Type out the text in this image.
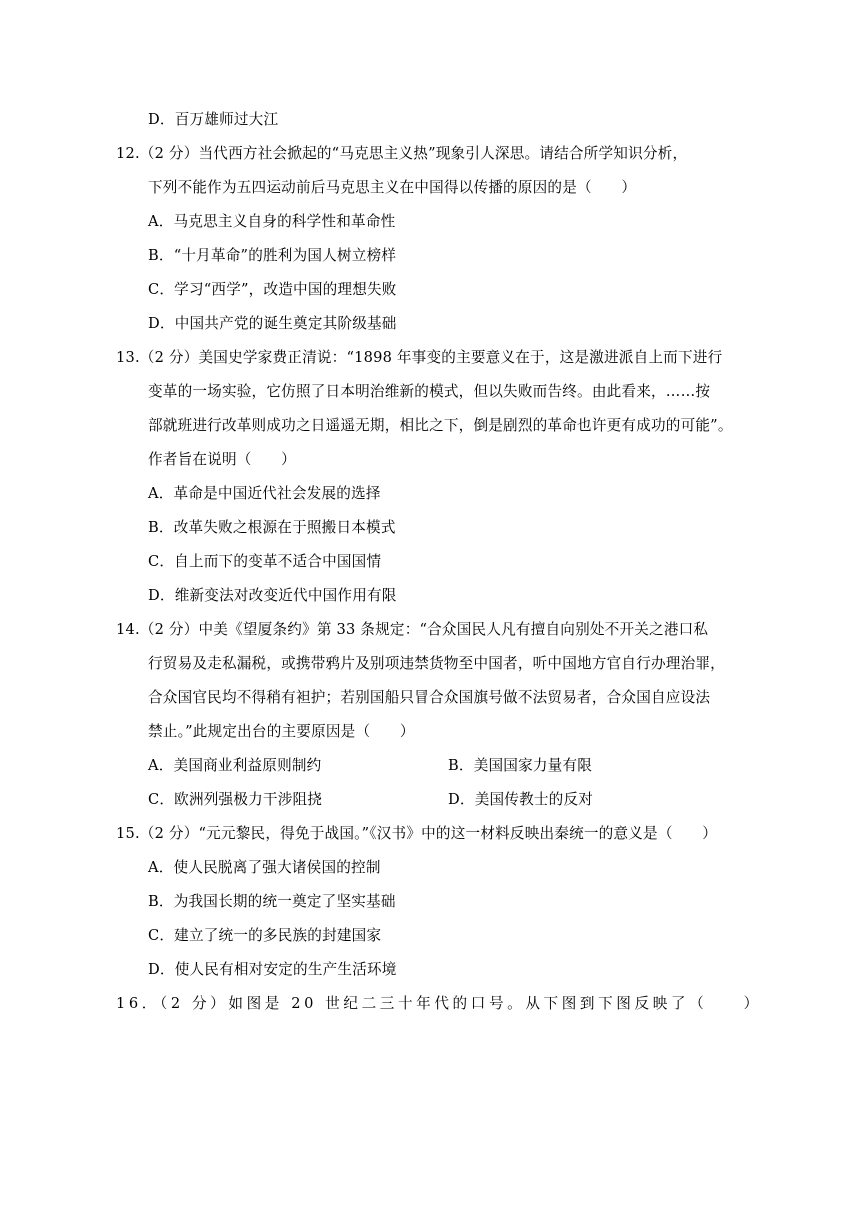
D．百万雄师过大江
12.（2 分）当代西方社会掀起的“马克思主义热”现象引人深思。请结合所学知识分析，
下列不能作为五四运动前后马克思主义在中国得以传播的原因的是（　　）
A．马克思主义自身的科学性和革命性
B．“十月革命”的胜利为国人树立榜样
C．学习“西学”，改造中国的理想失败
D．中国共产党的诞生奠定其阶级基础
13.（2 分）美国史学家费正清说：“1898 年事变的主要意义在于，这是激进派自上而下进行
变革的一场实验，它仿照了日本明治维新的模式，但以失败而告终。由此看来，……按
部就班进行改革则成功之日遥遥无期，相比之下，倒是剧烈的革命也许更有成功的可能”。
作者旨在说明（　　）
A．革命是中国近代社会发展的选择
B．改革失败之根源在于照搬日本模式
C．自上而下的变革不适合中国国情
D．维新变法对改变近代中国作用有限
14.（2 分）中美《望厦条约》第 33 条规定：“合众国民人凡有擅自向别处不开关之港口私
行贸易及走私漏税，或携带鸦片及别项违禁货物至中国者，听中国地方官自行办理治罪，
合众国官民均不得稍有袒护；若别国船只冒合众国旗号做不法贸易者，合众国自应设法
禁止。”此规定出台的主要原因是（　　）
A．美国商业利益原则制约	B．美国国家力量有限
C．欧洲列强极力干涉阻挠	D．美国传教士的反对
15.（2 分）“元元黎民，得免于战国。”《汉书》中的这一材料反映出秦统一的意义是（　　）
A．使人民脱离了强大诸侯国的控制
B．为我国长期的统一奠定了坚实基础
C．建立了统一的多民族的封建国家
D．使人民有相对安定的生产生活环境
16．（2 分）如图是 20 世纪二三十年代的口号。从下图到下图反映了（　　）
